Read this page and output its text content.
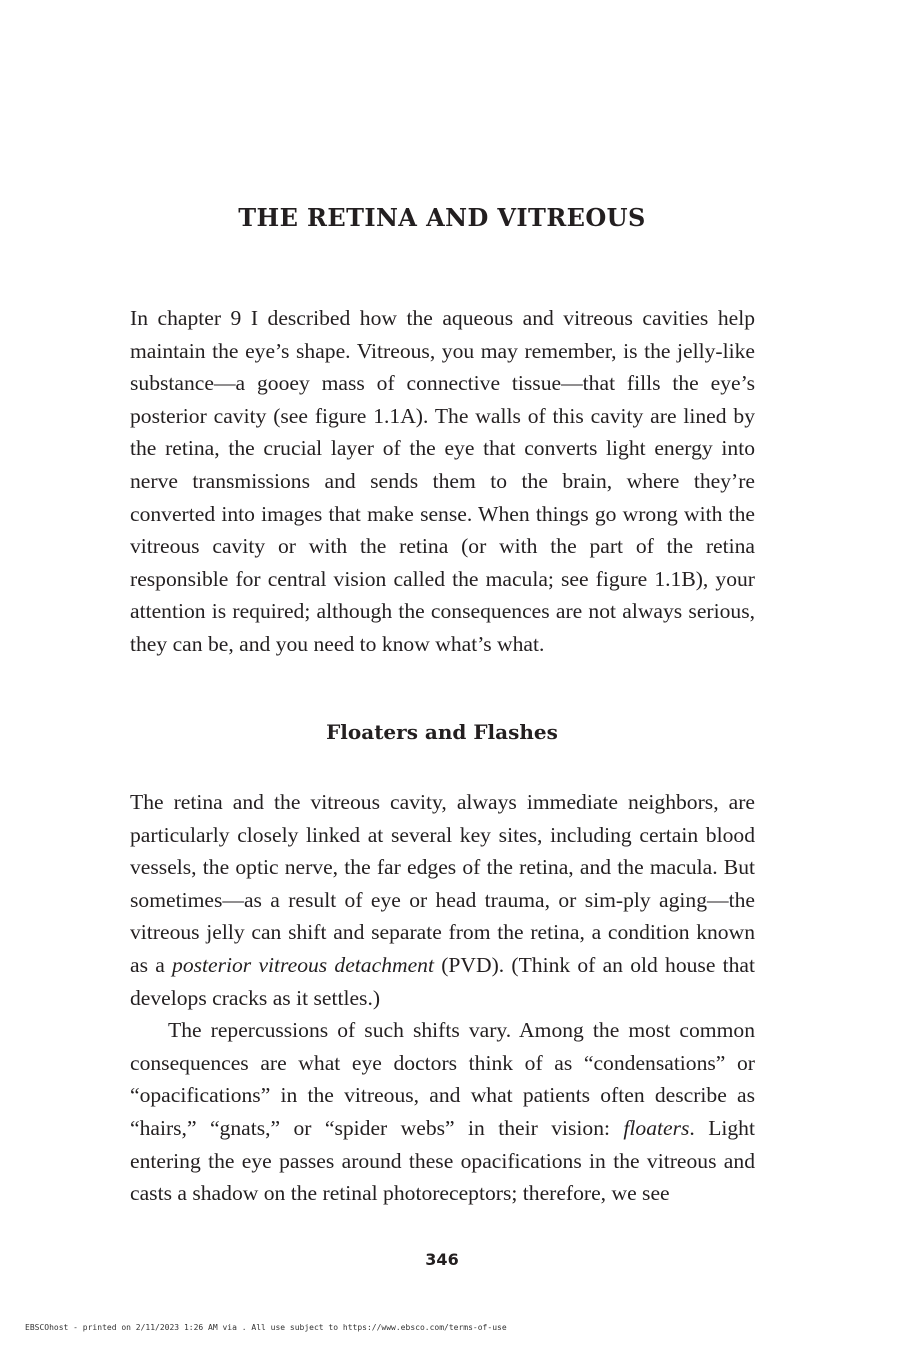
THE RETINA AND VITREOUS

In chapter 9 I described how the aqueous and vitreous cavities help maintain the eye’s shape. Vitreous, you may remember, is the jelly-like substance—a gooey mass of connective tissue—that fills the eye’s posterior cavity (see figure 1.1A). The walls of this cavity are lined by the retina, the crucial layer of the eye that converts light energy into nerve transmissions and sends them to the brain, where they’re converted into images that make sense. When things go wrong with the vitreous cavity or with the retina (or with the part of the retina responsible for central vision called the macula; see figure 1.1B), your attention is required; although the consequences are not always serious, they can be, and you need to know what’s what.

Floaters and Flashes

The retina and the vitreous cavity, always immediate neighbors, are particularly closely linked at several key sites, including certain blood vessels, the optic nerve, the far edges of the retina, and the macula. But sometimes—as a result of eye or head trauma, or sim-ply aging—the vitreous jelly can shift and separate from the retina, a condition known as a posterior vitreous detachment (PVD). (Think of an old house that develops cracks as it settles.)

The repercussions of such shifts vary. Among the most common consequences are what eye doctors think of as “condensations” or “opacifications” in the vitreous, and what patients often describe as “hairs,” “gnats,” or “spider webs” in their vision: floaters. Light entering the eye passes around these opacifications in the vitreous and casts a shadow on the retinal photoreceptors; therefore, we see

346
EBSCOhost - printed on 2/11/2023 1:26 AM via . All use subject to https://www.ebsco.com/terms-of-use
